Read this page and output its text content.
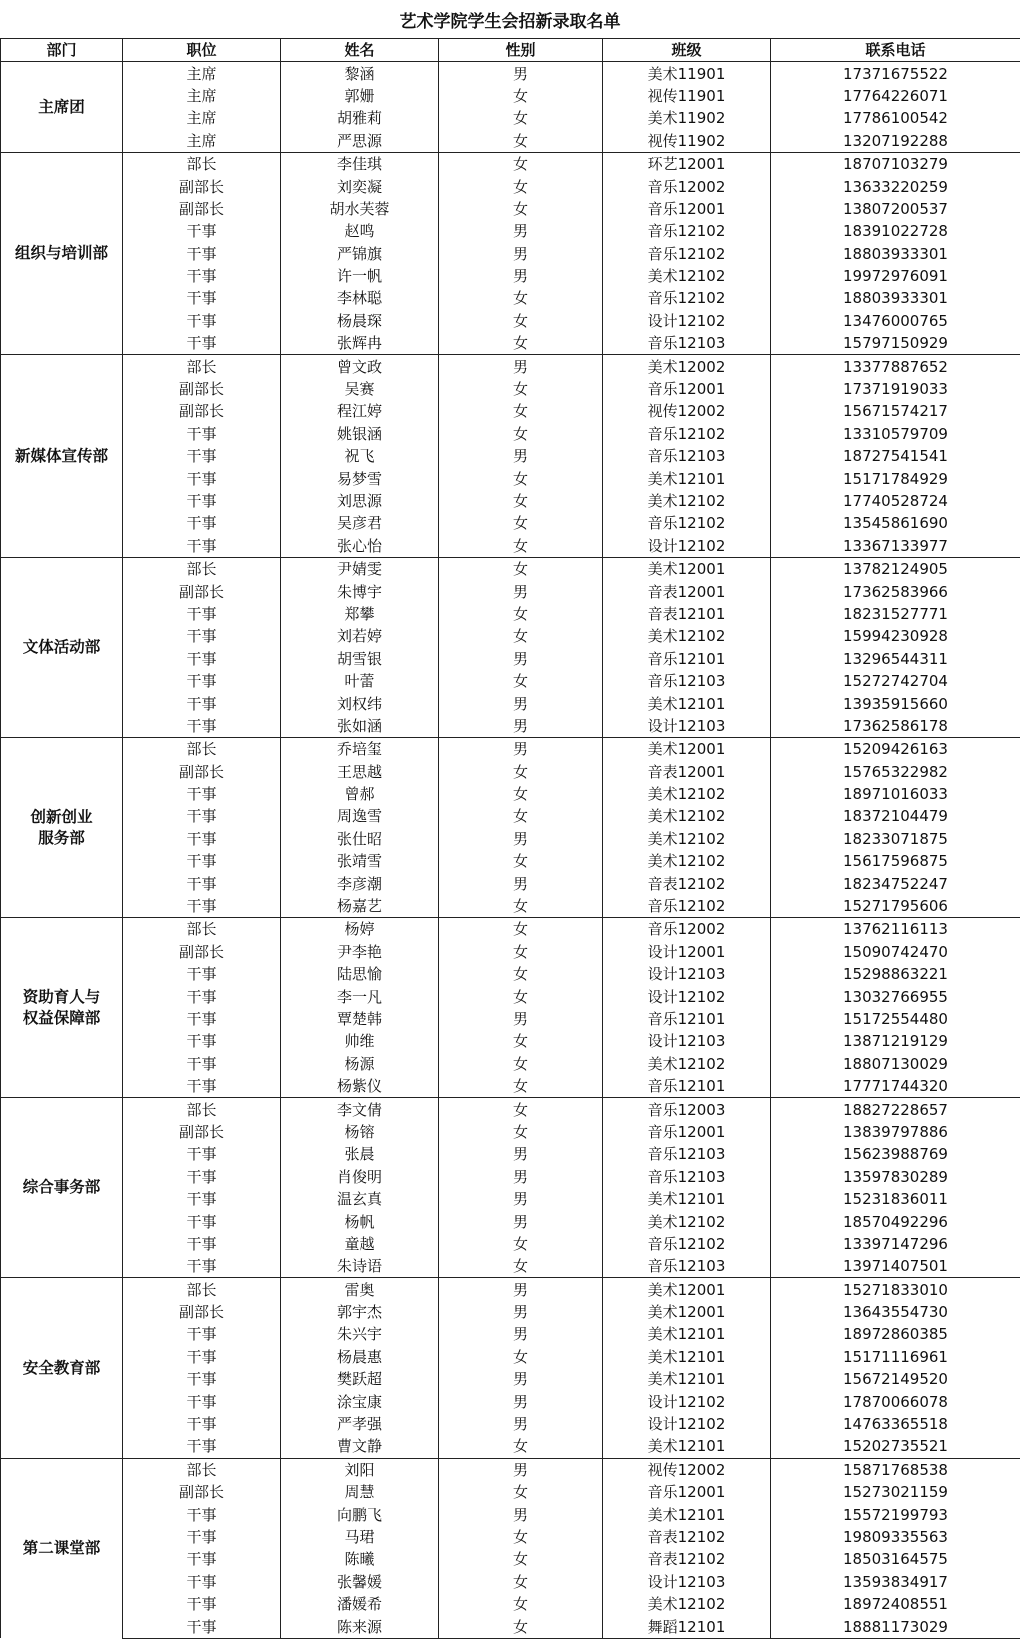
艺术学院学生会招新录取名单
部门	职位	姓名	性别	班级	联系电话
主席团	主席	黎涵	男	美术11901	17371675522
	主席	郭姗	女	视传11901	17764226071
	主席	胡雅莉	女	美术11902	17786100542
	主席	严思源	女	视传11902	13207192288
组织与培训部	部长	李佳琪	女	环艺12001	18707103279
	副部长	刘奕凝	女	音乐12002	13633220259
	副部长	胡水芙蓉	女	音乐12001	13807200537
	干事	赵鸣	男	音乐12102	18391022728
	干事	严锦旗	男	音乐12102	18803933301
	干事	许一帆	男	美术12102	19972976091
	干事	李林聪	女	音乐12102	18803933301
	干事	杨晨琛	女	设计12102	13476000765
	干事	张辉冉	女	音乐12103	15797150929
新媒体宣传部	部长	曾文政	男	美术12002	13377887652
	副部长	吴赛	女	音乐12001	17371919033
	副部长	程江婷	女	视传12002	15671574217
	干事	姚银涵	女	音乐12102	13310579709
	干事	祝飞	男	音乐12103	18727541541
	干事	易梦雪	女	美术12101	15171784929
	干事	刘思源	女	美术12102	17740528724
	干事	吴彦君	女	音乐12102	13545861690
	干事	张心怡	女	设计12102	13367133977
文体活动部	部长	尹婧雯	女	美术12001	13782124905
	副部长	朱博宇	男	音表12001	17362583966
	干事	郑攀	女	音表12101	18231527771
	干事	刘若婷	女	美术12102	15994230928
	干事	胡雪银	男	音乐12101	13296544311
	干事	叶蕾	女	音乐12103	15272742704
	干事	刘权纬	男	美术12101	13935915660
	干事	张如涵	男	设计12103	17362586178

创新创业
服务部	部长	乔培玺	男	美术12001	15209426163
	副部长	王思越	女	音表12001	15765322982
	干事	曾郝	女	美术12102	18971016033
	干事	周逸雪	女	美术12102	18372104479
	干事	张仕昭	男	美术12102	18233071875
	干事	张靖雪	女	美术12102	15617596875
	干事	李彦潮	男	音表12102	18234752247
	干事	杨嘉艺	女	音乐12102	15271795606

资助育人与
权益保障部	部长	杨婷	女	音乐12002	13762116113
	副部长	尹李艳	女	设计12001	15090742470
	干事	陆思愉	女	设计12103	15298863221
	干事	李一凡	女	设计12102	13032766955
	干事	覃楚韩	男	音乐12101	15172554480
	干事	帅维	女	设计12103	13871219129
	干事	杨源	女	美术12102	18807130029
	干事	杨紫仪	女	音乐12101	17771744320
综合事务部	部长	李文倩	女	音乐12003	18827228657
	副部长	杨镕	女	音乐12001	13839797886
	干事	张晨	男	音乐12103	15623988769
	干事	肖俊明	男	音乐12103	13597830289
	干事	温玄真	男	美术12101	15231836011
	干事	杨帆	男	美术12102	18570492296
	干事	童越	女	音乐12102	13397147296
	干事	朱诗语	女	音乐12103	13971407501
安全教育部	部长	雷奥	男	美术12001	15271833010
	副部长	郭宇杰	男	美术12001	13643554730
	干事	朱兴宇	男	美术12101	18972860385
	干事	杨晨惠	女	美术12101	15171116961
	干事	樊跃超	男	美术12101	15672149520
	干事	涂宝康	男	设计12102	17870066078
	干事	严孝强	男	设计12102	14763365518
	干事	曹文静	女	美术12101	15202735521
第二课堂部	部长	刘阳	男	视传12002	15871768538
	副部长	周慧	女	音乐12001	15273021159
	干事	向鹏飞	男	美术12101	15572199793
	干事	马珺	女	音表12102	19809335563
	干事	陈曦	女	音表12102	18503164575
	干事	张馨媛	女	设计12103	13593834917
	干事	潘媛希	女	美术12102	18972408551
	干事	陈来源	女	舞蹈12101	18881173029
